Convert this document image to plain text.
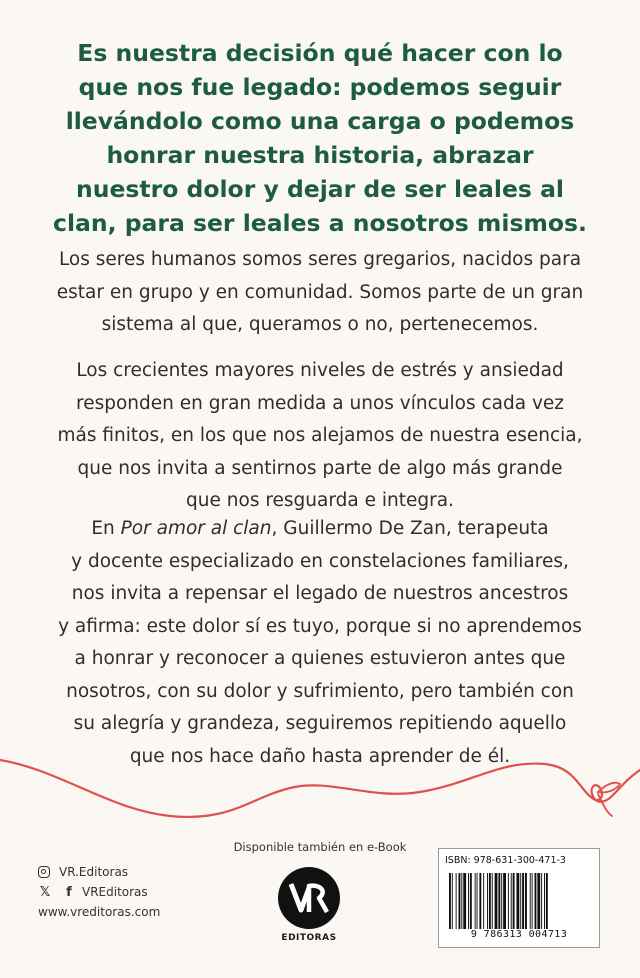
Es nuestra decisión qué hacer con lo
que nos fue legado: podemos seguir
llevándolo como una carga o podemos
honrar nuestra historia, abrazar
nuestro dolor y dejar de ser leales al
clan, para ser leales a nosotros mismos.
Los seres humanos somos seres gregarios, nacidos para
estar en grupo y en comunidad. Somos parte de un gran
sistema al que, queramos o no, pertenecemos.
Los crecientes mayores niveles de estrés y ansiedad
responden en gran medida a unos vínculos cada vez
más finitos, en los que nos alejamos de nuestra esencia,
que nos invita a sentirnos parte de algo más grande
que nos resguarda e integra.
En Por amor al clan, Guillermo De Zan, terapeuta
y docente especializado en constelaciones familiares,
nos invita a repensar el legado de nuestros ancestros
y afirma: este dolor sí es tuyo, porque si no aprendemos
a honrar y reconocer a quienes estuvieron antes que
nosotros, con su dolor y sufrimiento, pero también con
su alegría y grandeza, seguiremos repitiendo aquello
que nos hace daño hasta aprender de él.
Disponible también en e-Book
VR.Editoras
𝕏	f VREditoras
www.vreditoras.com
EDITORAS
ISBN: 978-631-300-471-3
9 786313 004713
